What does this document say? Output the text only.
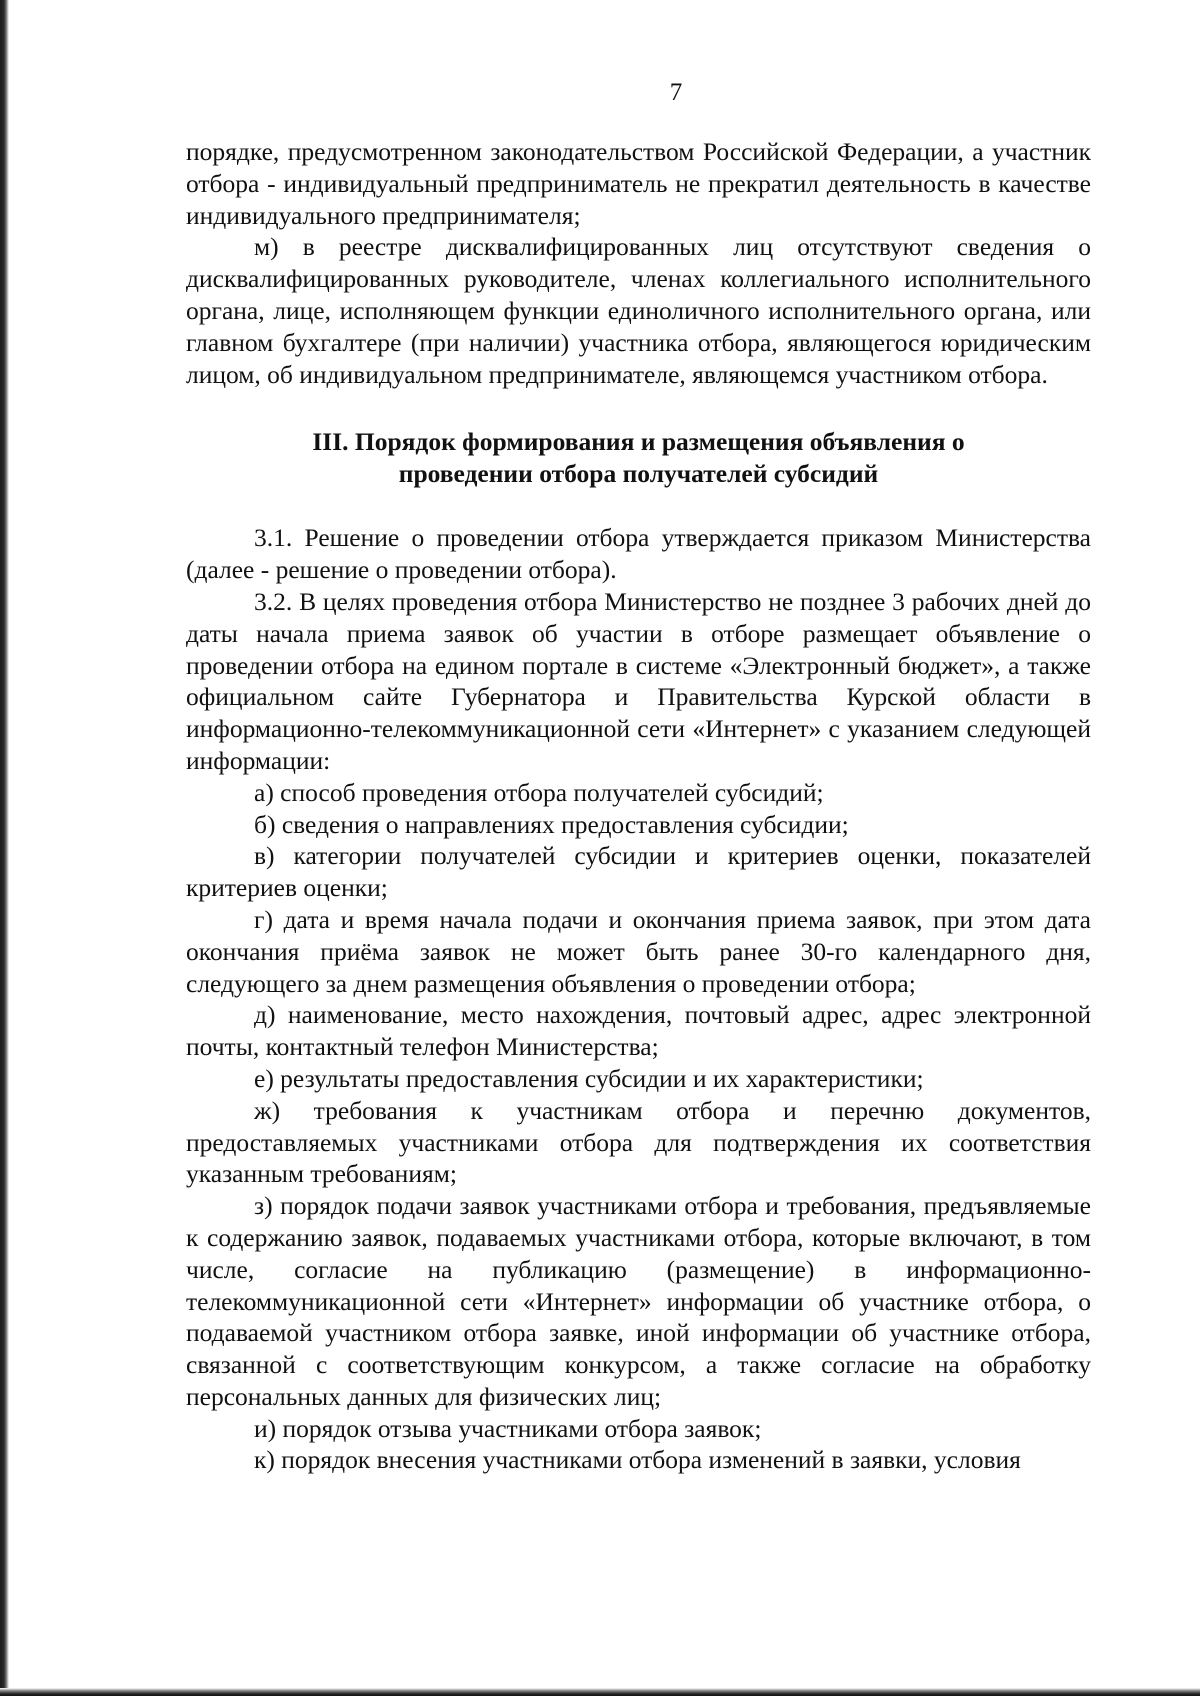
7

порядке, предусмотренном законодательством Российской Федерации, а участник отбора - индивидуальный предприниматель не прекратил деятельность в качестве индивидуального предпринимателя;

м) в реестре дисквалифицированных лиц отсутствуют сведения о дисквалифицированных руководителе, членах коллегиального исполнительного органа, лице, исполняющем функции единоличного исполнительного органа, или главном бухгалтере (при наличии) участника отбора, являющегося юридическим лицом, об индивидуальном предпринимателе, являющемся участником отбора.

III. Порядок формирования и размещения объявления о
проведении отбора получателей субсидий

3.1. Решение о проведении отбора утверждается приказом Министерства (далее - решение о проведении отбора).

3.2. В целях проведения отбора Министерство не позднее 3 рабочих дней до даты начала приема заявок об участии в отборе размещает объявление о проведении отбора на едином портале в системе «Электронный бюджет», а также официальном сайте Губернатора и Правительства Курской области в информационно-телекоммуникационной сети «Интернет» с указанием следующей информации:

а) способ проведения отбора получателей субсидий;

б) сведения о направлениях предоставления субсидии;

в) категории получателей субсидии и критериев оценки, показателей критериев оценки;

г) дата и время начала подачи и окончания приема заявок, при этом дата окончания приёма заявок не может быть ранее 30-го календарного дня, следующего за днем размещения объявления о проведении отбора;

д) наименование, место нахождения, почтовый адрес, адрес электронной почты, контактный телефон Министерства;

е) результаты предоставления субсидии и их характеристики;

ж) требования к участникам отбора и перечню документов, предоставляемых участниками отбора для подтверждения их соответствия указанным требованиям;

з) порядок подачи заявок участниками отбора и требования, предъявляемые к содержанию заявок, подаваемых участниками отбора, которые включают, в том числе, согласие на публикацию (размещение) в информационно-телекоммуникационной сети «Интернет» информации об участнике отбора, о подаваемой участником отбора заявке, иной информации об участнике отбора, связанной с соответствующим конкурсом, а также согласие на обработку персональных данных для физических лиц;

и) порядок отзыва участниками отбора заявок;

к) порядок внесения участниками отбора изменений в заявки, условия
